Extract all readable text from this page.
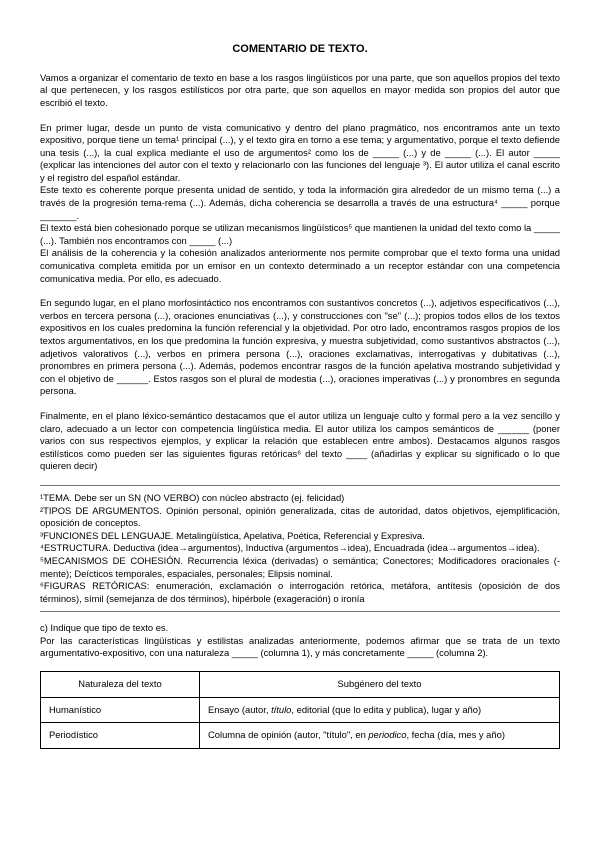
COMENTARIO DE TEXTO.

Vamos a organizar el comentario de texto en base a los rasgos lingüísticos por una parte, que son aquellos propios del texto al que pertenecen, y los rasgos estilísticos por otra parte, que son aquellos en mayor medida son propios del autor que escribió el texto.

En primer lugar, desde un punto de vista comunicativo y dentro del plano pragmático, nos encontramos ante un texto expositivo, porque tiene un tema¹ principal (...), y el texto gira en torno a ese tema; y argumentativo, porque el texto defiende una tesis (...), la cual explica mediante el uso de argumentos² como los de _____ (...) y de _____ (...). El autor _____ (explicar las intenciones del autor con el texto y relacionarlo con las funciones del lenguaje ³). El autor utiliza el canal escrito y el registro del español estándar.

Este texto es coherente porque presenta unidad de sentido, y toda la información gira alrededor de un mismo tema (...) a través de la progresión tema-rema (...). Además, dicha coherencia se desarrolla a través de una estructura⁴ _____ porque _______.

El texto está bien cohesionado porque se utilizan mecanismos lingüísticos⁵ que mantienen la unidad del texto como la _____ (...). También nos encontramos con _____ (...)

El análisis de la coherencia y la cohesión analizados anteriormente nos permite comprobar que el texto forma una unidad comunicativa completa emitida por un emisor en un contexto determinado a un receptor estándar con una competencia comunicativa media. Por ello, es adecuado.

En segundo lugar, en el plano morfosintáctico nos encontramos con sustantivos concretos (...), adjetivos especificativos (...), verbos en tercera persona (...), oraciones enunciativas (...), y construcciones con "se" (...); propios todos ellos de los textos expositivos en los cuales predomina la función referencial y la objetividad. Por otro lado, encontramos rasgos propios de los textos argumentativos, en los que predomina la función expresiva, y muestra subjetividad, como sustantivos abstractos (...), adjetivos valorativos (...), verbos en primera persona (...), oraciones exclamativas, interrogativas y dubitativas (...), pronombres en primera persona (...). Además, podemos encontrar rasgos de la función apelativa mostrando subjetividad y con el objetivo de ______. Estos rasgos son el plural de modestia (...), oraciones imperativas (...) y pronombres en segunda persona.

Finalmente, en el plano léxico-semántico destacamos que el autor utiliza un lenguaje culto y formal pero a la vez sencillo y claro, adecuado a un lector con competencia lingüística media. El autor utiliza los campos semánticos de ______ (poner varios con sus respectivos ejemplos, y explicar la relación que establecen entre ambos). Destacamos algunos rasgos estilísticos como pueden ser las siguientes figuras retóricas⁶ del texto ____ (añadirlas y explicar su significado o lo que quieren decir)

¹TEMA. Debe ser un SN (NO VERBO) con núcleo abstracto (ej. felicidad)

²TIPOS DE ARGUMENTOS. Opinión personal, opinión generalizada, citas de autoridad, datos objetivos, ejemplificación, oposición de conceptos.

³FUNCIONES DEL LENGUAJE. Metalingüística, Apelativa, Poética, Referencial y Expresiva.

⁴ESTRUCTURA. Deductiva (idea→argumentos), Inductiva (argumentos→idea), Encuadrada (idea→argumentos→idea).

⁵MECANISMOS DE COHESIÓN. Recurrencia léxica (derivadas) o semántica; Conectores; Modificadores oracionales (-mente); Deícticos temporales, espaciales, personales; Elipsis nominal.

⁶FIGURAS RETÓRICAS: enumeración, exclamación o interrogación retórica, metáfora, antítesis (oposición de dos términos), símil (semejanza de dos términos), hipérbole (exageración) o ironía

c) Indique que tipo de texto es.

Por las características lingüísticas y estilistas analizadas anteriormente, podemos afirmar que se trata de un texto argumentativo-expositivo, con una naturaleza _____ (columna 1), y más concretamente _____ (columna 2).

Naturaleza del texto	Subgénero del texto
Humanístico	Ensayo (autor, título, editorial (que lo edita y publica), lugar y año)
Periodístico	Columna de opinión (autor, "título", en periodico, fecha (día, mes y año)
